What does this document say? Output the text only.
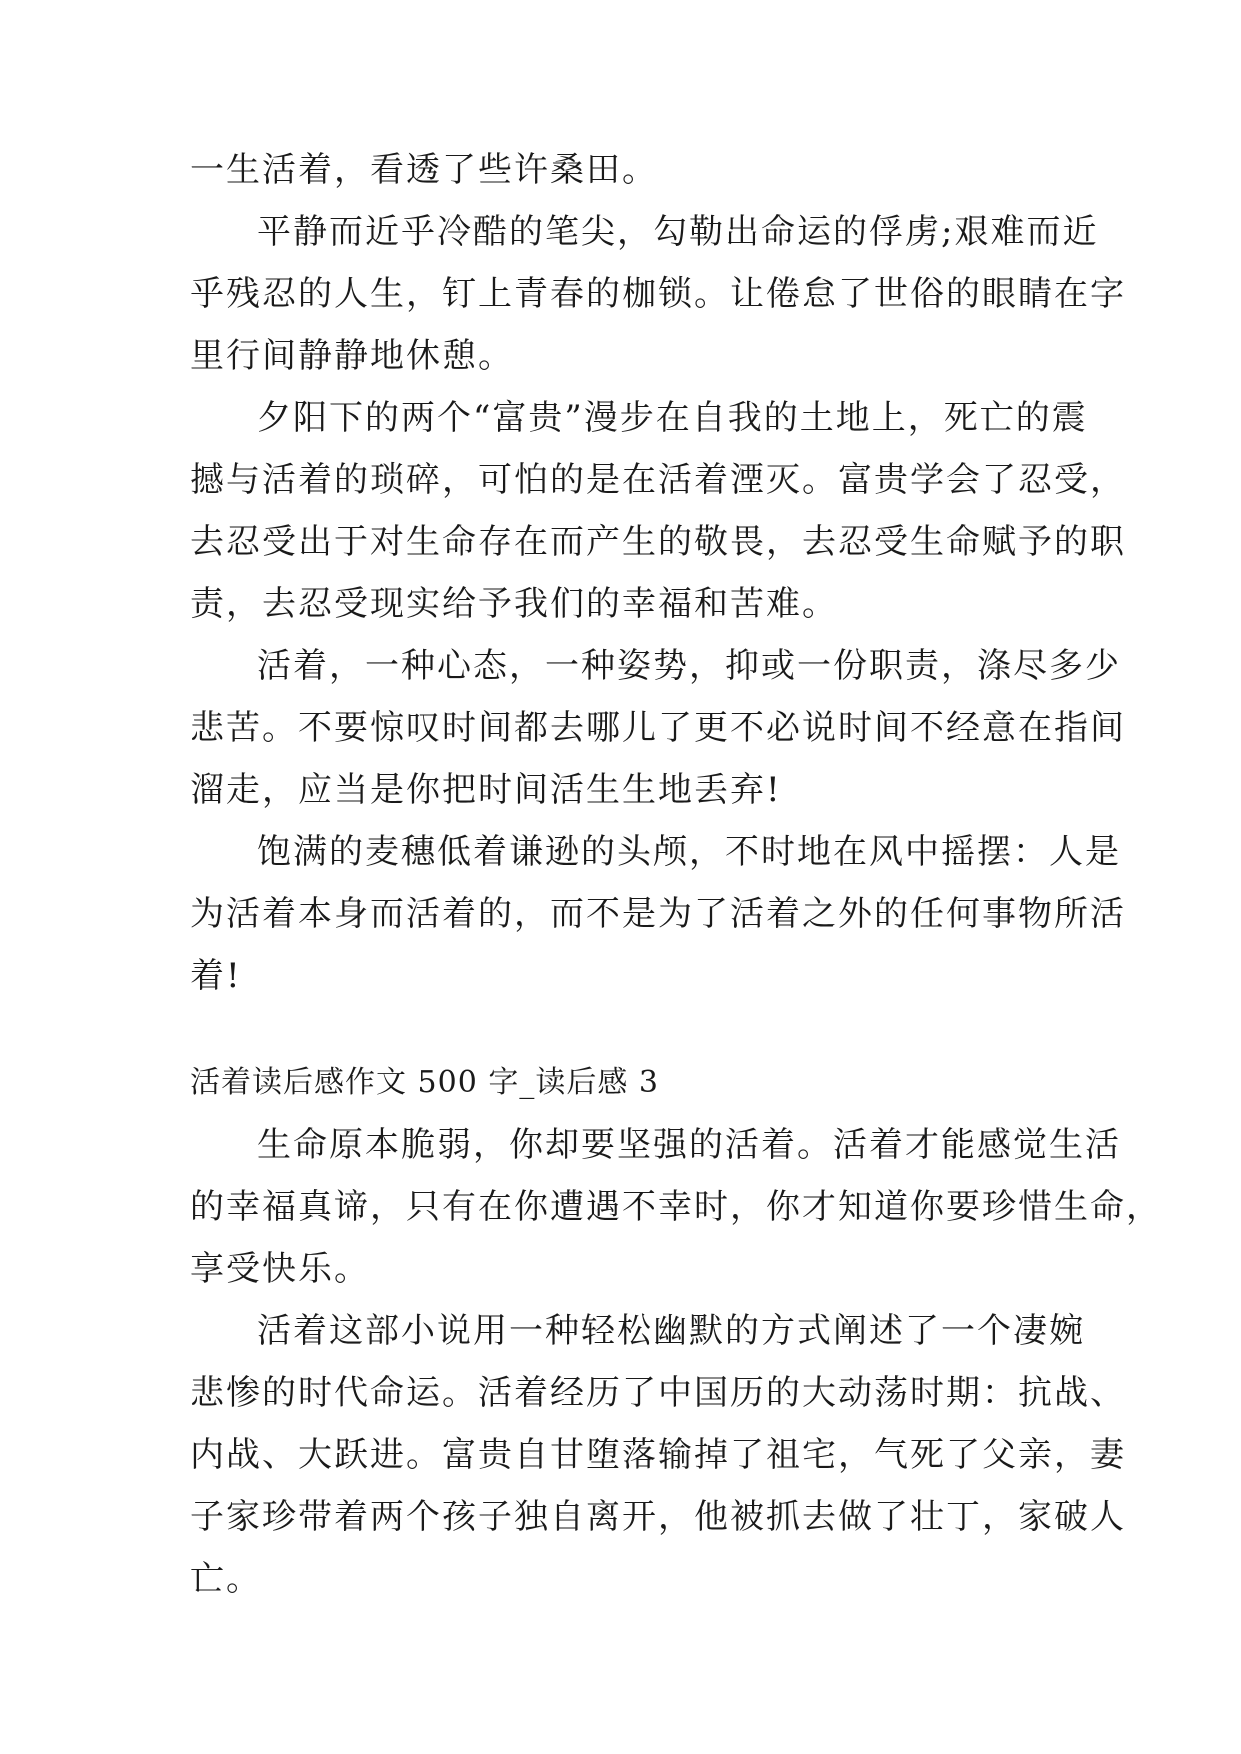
一生活着，看透了些许桑田。
平静而近乎冷酷的笔尖，勾勒出命运的俘虏;艰难而近
乎残忍的人生，钉上青春的枷锁。让倦怠了世俗的眼睛在字
里行间静静地休憩。
夕阳下的两个“富贵”漫步在自我的土地上，死亡的震
撼与活着的琐碎，可怕的是在活着湮灭。富贵学会了忍受，
去忍受出于对生命存在而产生的敬畏，去忍受生命赋予的职
责，去忍受现实给予我们的幸福和苦难。
活着，一种心态，一种姿势，抑或一份职责，涤尽多少
悲苦。不要惊叹时间都去哪儿了更不必说时间不经意在指间
溜走，应当是你把时间活生生地丢弃!
饱满的麦穗低着谦逊的头颅，不时地在风中摇摆：人是
为活着本身而活着的，而不是为了活着之外的任何事物所活
着!
活着读后感作文 500 字_读后感 3
生命原本脆弱，你却要坚强的活着。活着才能感觉生活
的幸福真谛，只有在你遭遇不幸时，你才知道你要珍惜生命，
享受快乐。
活着这部小说用一种轻松幽默的方式阐述了一个凄婉
悲惨的时代命运。活着经历了中国历的大动荡时期：抗战、
内战、大跃进。富贵自甘堕落输掉了祖宅，气死了父亲，妻
子家珍带着两个孩子独自离开，他被抓去做了壮丁，家破人
亡。
